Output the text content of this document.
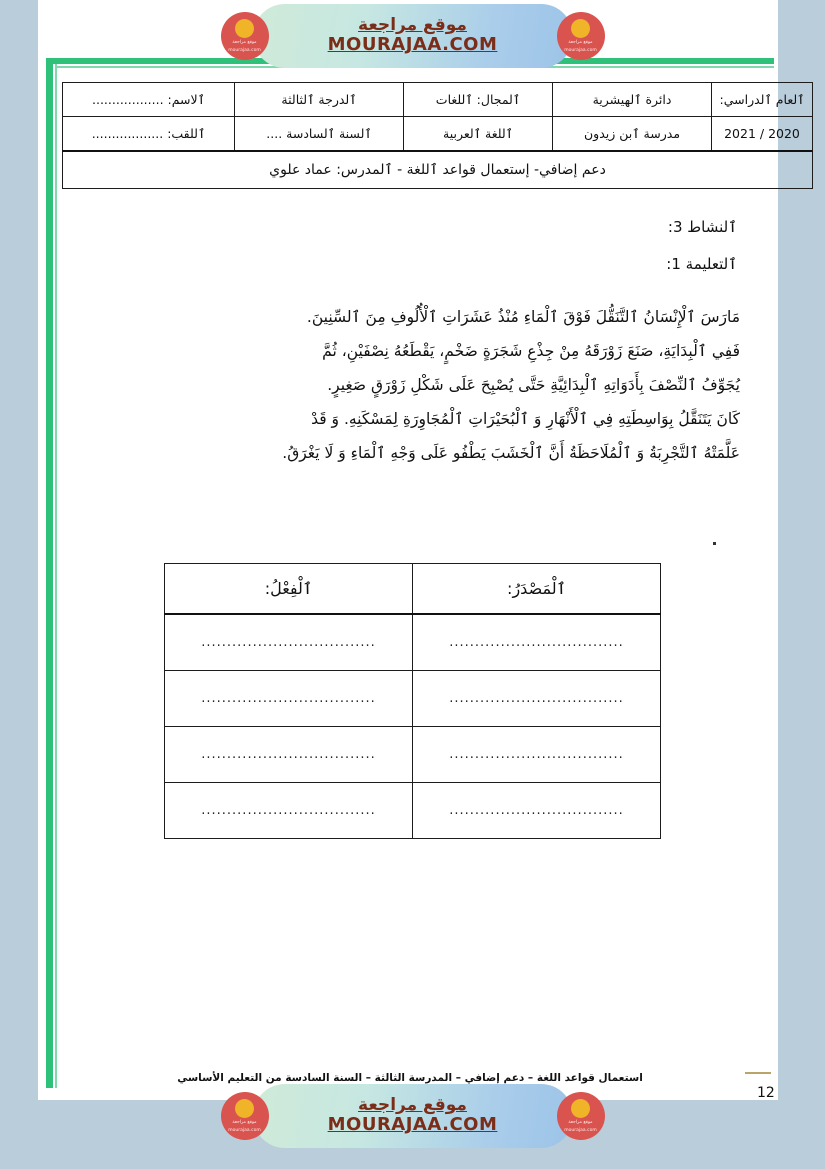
موقع مراجعة
mourajaa.com
موقع مراجعة
MOURAJAA.COM	موقع مراجعة
mourajaa.com
ٱلعام ٱلدراسي:	دائرة ٱلهيشرية	ٱلمجال: ٱللغات	ٱلدرجة ٱلثالثة	ٱلاسم: ..................
2020 / 2021	مدرسة ٱبن زيدون	ٱللغة ٱلعربية	ٱلسنة ٱلسادسة ....	ٱللقب: ..................
دعم إضافي- إستعمال قواعد ٱللغة - ٱلمدرس: عماد علوي				
ٱلنشاط 3:
ٱلتعليمة 1:
مَارَسَ ٱلْإِنْسَانُ ٱلتَّنَقُّلَ فَوْقَ ٱلْمَاءِ مُنْذُ عَشَرَاتِ ٱلْأُلُوفِ مِنَ ٱلسِّنِينَ.
فَفِي ٱلْبِدَايَةِ، صَنَعَ زَوْرَقَهُ مِنْ جِذْعِ شَجَرَةٍ ضَخْمٍ، يَقْطَعُهُ نِصْفَيْنِ، ثُمَّ
يُجَوِّفُ ٱلنِّصْفَ بِأَدَوَاتِهِ ٱلْبِدَائِيَّةِ حَتَّى يُصْبِحَ عَلَى شَكْلِ زَوْرَقٍ صَغِيرٍ.
كَانَ يَتَنَقَّلُ بِوَاسِطَتِهِ فِي ٱلْأَنْهَارِ وَ ٱلْبُحَيْرَاتِ ٱلْمُجَاوِرَةِ لِمَسْكَنِهِ. وَ قَدْ
عَلَّمَتْهُ ٱلتَّجْرِبَةُ وَ ٱلْمُلَاحَظَةُ أَنَّ ٱلْخَشَبَ يَطْفُو عَلَى وَجْهِ ٱلْمَاءِ وَ لَا يَغْرَقُ.
ٱلْمَصْدَرُ:	ٱلْفِعْلُ:
..................................	..................................
..................................	..................................
..................................	..................................
..................................	..................................
استعمال قواعد اللغة – دعم إضافي – المدرسة الثالثة – السنة السادسة من التعليم الأساسي
12
موقع مراجعة
mourajaa.com
موقع مراجعة
MOURAJAA.COM	موقع مراجعة
mourajaa.com
